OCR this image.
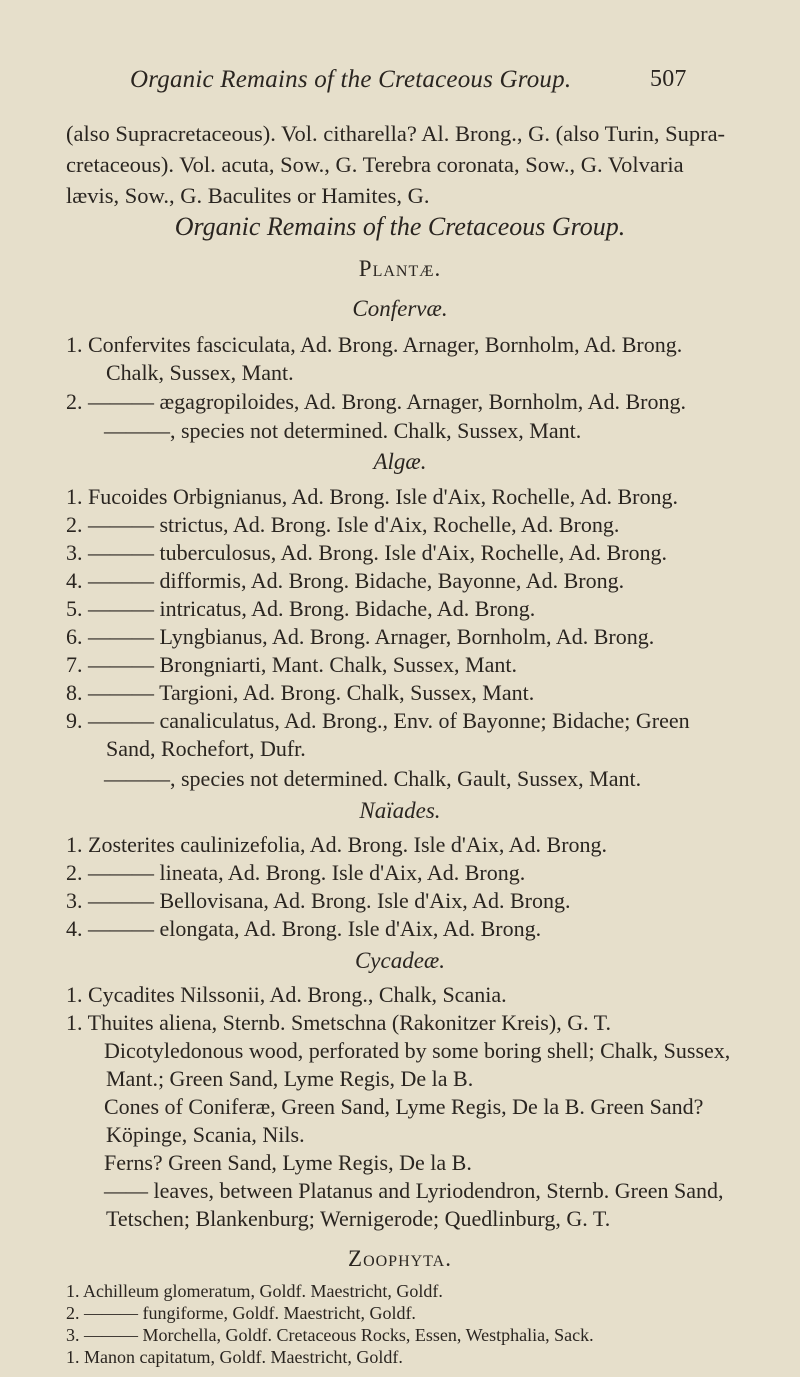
Organic Remains of the Cretaceous Group.	507
(also Supracretaceous). Vol. citharella? Al. Brong., G. (also Turin, Supra-
cretaceous). Vol. acuta, Sow., G. Terebra coronata, Sow., G. Volvaria
lævis, Sow., G. Baculites or Hamites, G.
Organic Remains of the Cretaceous Group.
Plantæ.
Confervæ.
1. Confervites fasciculata, Ad. Brong. Arnager, Bornholm, Ad. Brong.
Chalk, Sussex, Mant.
2. ——— ægagropiloides, Ad. Brong. Arnager, Bornholm, Ad. Brong.
———, species not determined. Chalk, Sussex, Mant.
Algæ.
1. Fucoides Orbignianus, Ad. Brong. Isle d'Aix, Rochelle, Ad. Brong.
2. ——— strictus, Ad. Brong. Isle d'Aix, Rochelle, Ad. Brong.
3. ——— tuberculosus, Ad. Brong. Isle d'Aix, Rochelle, Ad. Brong.
4. ——— difformis, Ad. Brong. Bidache, Bayonne, Ad. Brong.
5. ——— intricatus, Ad. Brong. Bidache, Ad. Brong.
6. ——— Lyngbianus, Ad. Brong. Arnager, Bornholm, Ad. Brong.
7. ——— Brongniarti, Mant. Chalk, Sussex, Mant.
8. ——— Targioni, Ad. Brong. Chalk, Sussex, Mant.
9. ——— canaliculatus, Ad. Brong., Env. of Bayonne; Bidache; Green
Sand, Rochefort, Dufr.
———, species not determined. Chalk, Gault, Sussex, Mant.
Naïades.
1. Zosterites caulinizefolia, Ad. Brong. Isle d'Aix, Ad. Brong.
2. ——— lineata, Ad. Brong. Isle d'Aix, Ad. Brong.
3. ——— Bellovisana, Ad. Brong. Isle d'Aix, Ad. Brong.
4. ——— elongata, Ad. Brong. Isle d'Aix, Ad. Brong.
Cycadeæ.
1. Cycadites Nilssonii, Ad. Brong., Chalk, Scania.
1. Thuites aliena, Sternb. Smetschna (Rakonitzer Kreis), G. T.
Dicotyledonous wood, perforated by some boring shell; Chalk, Sussex,
Mant.; Green Sand, Lyme Regis, De la B.
Cones of Coniferæ, Green Sand, Lyme Regis, De la B. Green Sand?
Köpinge, Scania, Nils.
Ferns? Green Sand, Lyme Regis, De la B.
—— leaves, between Platanus and Lyriodendron, Sternb. Green Sand,
Tetschen; Blankenburg; Wernigerode; Quedlinburg, G. T.
Zoophyta.
1. Achilleum glomeratum, Goldf. Maestricht, Goldf.
2. ——— fungiforme, Goldf. Maestricht, Goldf.
3. ——— Morchella, Goldf. Cretaceous Rocks, Essen, Westphalia, Sack.
1. Manon capitatum, Goldf. Maestricht, Goldf.
